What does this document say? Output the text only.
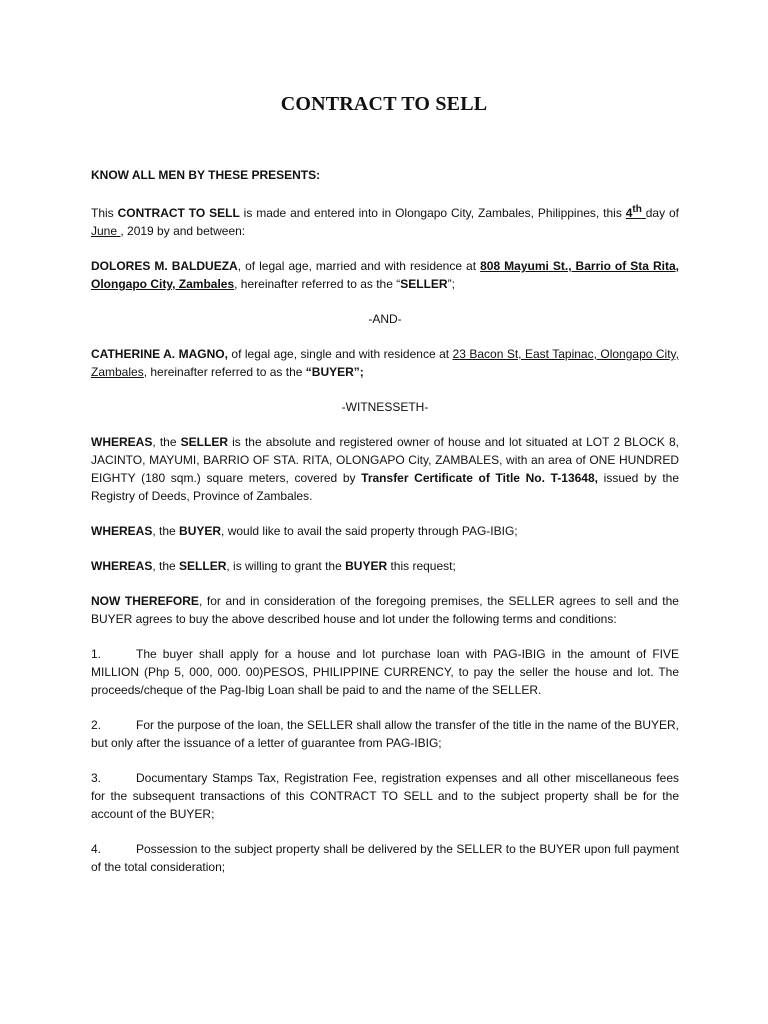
CONTRACT TO SELL

KNOW ALL MEN BY THESE PRESENTS:

This CONTRACT TO SELL is made and entered into in Olongapo City, Zambales, Philippines, this 4th day of June , 2019 by and between:

DOLORES M. BALDUEZA, of legal age, married and with residence at 808 Mayumi St., Barrio of Sta Rita, Olongapo City, Zambales, hereinafter referred to as the “SELLER”;

-AND-

CATHERINE A. MAGNO, of legal age, single and with residence at 23 Bacon St, East Tapinac, Olongapo City, Zambales, hereinafter referred to as the “BUYER”;

-WITNESSETH-

WHEREAS, the SELLER is the absolute and registered owner of house and lot situated at LOT 2 BLOCK 8, JACINTO, MAYUMI, BARRIO OF STA. RITA, OLONGAPO City, ZAMBALES, with an area of ONE HUNDRED EIGHTY (180 sqm.) square meters, covered by Transfer Certificate of Title No. T-13648, issued by the Registry of Deeds, Province of Zambales.

WHEREAS, the BUYER, would like to avail the said property through PAG-IBIG;

WHEREAS, the SELLER, is willing to grant the BUYER this request;

NOW THEREFORE, for and in consideration of the foregoing premises, the SELLER agrees to sell and the BUYER agrees to buy the above described house and lot under the following terms and conditions:

1.	The buyer shall apply for a house and lot purchase loan with PAG-IBIG in the amount of FIVE MILLION (Php 5, 000, 000. 00)PESOS, PHILIPPINE CURRENCY, to pay the seller the house and lot. The proceeds/cheque of the Pag-Ibig Loan shall be paid to and the name of the SELLER.

2.	For the purpose of the loan, the SELLER shall allow the transfer of the title in the name of the BUYER, but only after the issuance of a letter of guarantee from PAG-IBIG;

3.	Documentary Stamps Tax, Registration Fee, registration expenses and all other miscellaneous fees for the subsequent transactions of this CONTRACT TO SELL and to the subject property shall be for the account of the BUYER;

4.	Possession to the subject property shall be delivered by the SELLER to the BUYER upon full payment of the total consideration;
